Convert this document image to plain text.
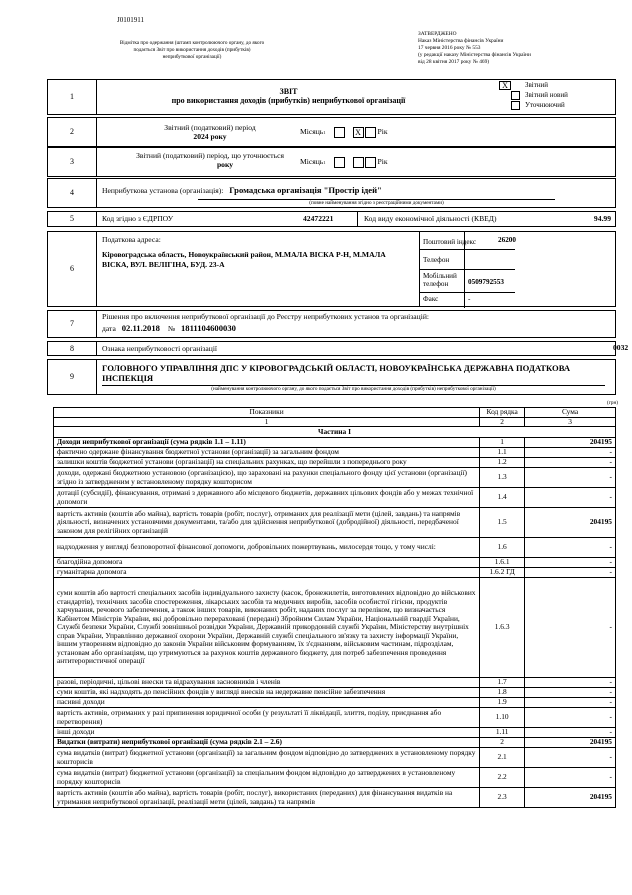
J0101911
Відмітка про одержання (штамп контролюючого органу, до якого подається Звіт про використання доходів (прибутків) неприбуткової організації)
ЗАТВЕРДЖЕНО
Наказ Міністерства фінансів України
17 червня 2016 року № 553
(у редакції наказу Міністерства фінансів України
від 28 квітня 2017 року № 469)
1
ЗВІТ
про використання доходів (прибутків) неприбуткової організації
X	Звітний
Звітний новий
Уточнюючий
2	Звітний (податковий) період
2024 року
Місяць 1	X	Рік
3
Звітний (податковий) період, що уточнюється
року	Місяць 1	Рік
4	Неприбуткова установа (організація): Громадська організація "Простір ідей"
(повне найменування згідно з реєстраційними документами)
5	Код згідно з ЄДРПОУ	42472221	Код виду економічної діяльності (КВЕД)	94.99
6
Податкова адреса:
Кіровоградська область, Новоукраїнський район, М.МАЛА ВІСКА Р-Н, М.МАЛА ВІСКА, ВУЛ. ВЕЛІГІНА, БУД. 23-А
Поштовий індекс	26200
Телефон
Мобільний телефон	0509792553
Факс	-
7
Рішення про включення неприбуткової організації до Реєстру неприбуткових установ та організацій:
дата 02.11.2018 № 1811104600030
8	Ознака неприбутковості організації	0032
9
ГОЛОВНОГО УПРАВЛІННЯ ДПС У КІРОВОГРАДСЬКІЙ ОБЛАСТІ, НОВОУКРАЇНСЬКА ДЕРЖАВНА ПОДАТКОВА ІНСПЕКЦІЯ
(найменування контролюючого органу, до якого подається Звіт про використання доходів (прибутків) неприбуткової організації)
(грн)
Показники	Код рядка	Сума
1	2	3
Частина І		
Доходи неприбуткової організації (сума рядків 1.1 – 1.11)	1	204195
фактично одержане фінансування бюджетної установи (організації) за загальним фондом	1.1	-
залишки коштів бюджетної установи (організації) на спеціальних рахунках, що перейшли з попереднього року	1.2	-
доходи, одержані бюджетною установою (організацією), що зараховані на рахунки спеціального фонду цієї установи (організації) згідно із затвердженим у встановленому порядку кошторисом	1.3	-
дотації (субсидії), фінансування, отримані з державного або місцевого бюджетів, державних цільових фондів або у межах технічної допомоги	1.4	-
вартість активів (коштів або майна), вартість товарів (робіт, послуг), отриманих для реалізації мети (цілей, завдань) та напрямів діяльності, визначених установчими документами, та/або для здійснення неприбуткової (добродійної) діяльності, передбаченої законом для релігійних організацій	1.5	204195
надходження у вигляді безповоротної фінансової допомоги, добровільних пожертвувань, милосердя тощо, у тому числі:	1.6	-
благодійна допомога	1.6.1	-
гуманітарна допомога	1.6.2 ГД	-
суми коштів або вартості спеціальних засобів індивідуального захисту (касок, бронежилетів, виготовлених відповідно до військових стандартів), технічних засобів спостереження, лікарських засобів та медичних виробів, засобів особистої гігієни, продуктів харчування, речового забезпечення, а також інших товарів, виконаних робіт, наданих послуг за переліком, що визначається Кабінетом Міністрів України, які добровільно перераховані (передані) Збройним Силам України, Національній гвардії України, Службі безпеки України, Службі зовнішньої розвідки України, Державній прикордонній службі України, Міністерству внутрішніх справ України, Управлінню державної охорони України, Державній службі спеціального зв'язку та захисту інформації України, іншим утворенням відповідно до законів України військовим формуванням, їх з'єднанням, військовим частинам, підрозділам, установам або організаціям, що утримуються за рахунок коштів державного бюджету, для потреб забезпечення проведення антитерористичної операції	1.6.3	-
разові, періодичні, цільові внески та відрахування засновників і членів	1.7	-
суми коштів, які надходять до пенсійних фондів у вигляді внесків на недержавне пенсійне забезпечення	1.8	-
пасивні доходи	1.9	-
вартість активів, отриманих у разі припинення юридичної особи (у результаті її ліквідації, злиття, поділу, приєднання або перетворення)	1.10	-
інші доходи	1.11	-
Видатки (витрати) неприбуткової організації (сума рядків 2.1 – 2.6)	2	204195
сума видатків (витрат) бюджетної установи (організації) за загальним фондом відповідно до затверджених в установленому порядку кошторисів	2.1	-
сума видатків (витрат) бюджетної установи (організації) за спеціальним фондом відповідно до затверджених в установленому порядку кошторисів	2.2	-
вартість активів (коштів або майна), вартість товарів (робіт, послуг), використаних (переданих) для фінансування видатків на утримання неприбуткової організації, реалізації мети (цілей, завдань) та напрямів	2.3	204195
